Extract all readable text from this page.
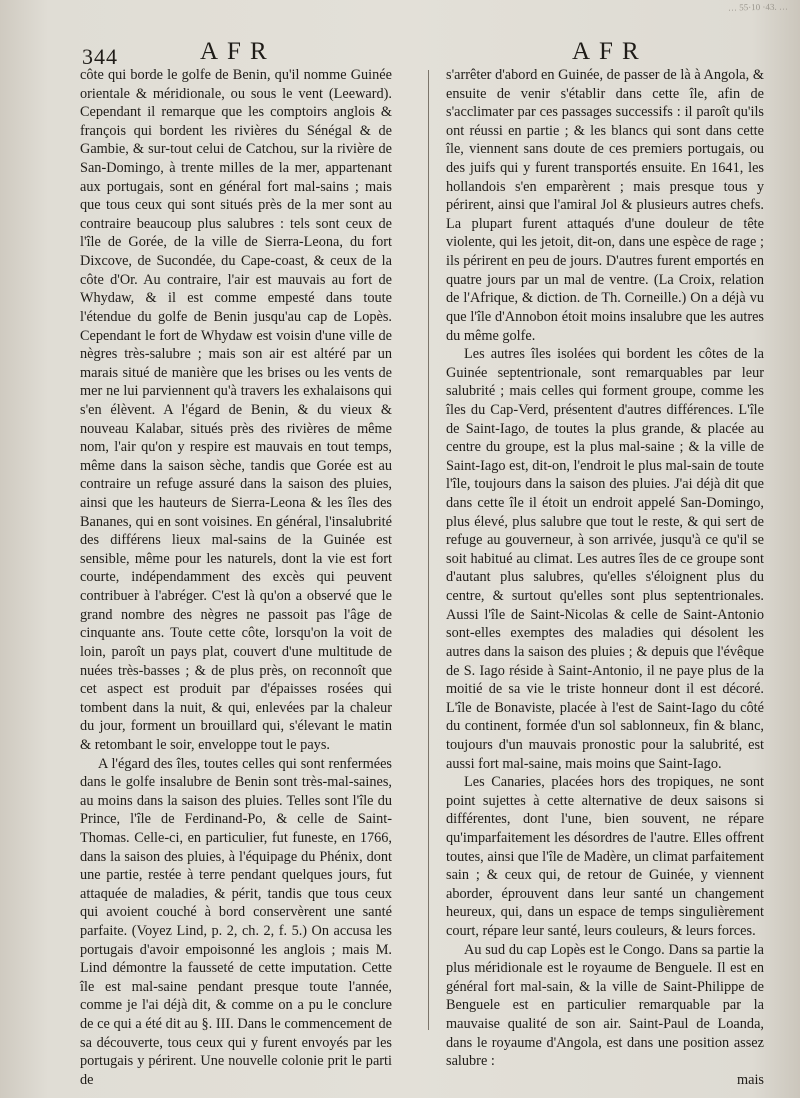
344	AFR	AFR
… 55·10 ·43. …

côte qui borde le golfe de Benin, qu'il nomme Guinée orientale & méridionale, ou sous le vent (Leeward). Cependant il remarque que les comptoirs anglois & françois qui bordent les rivières du Sénégal & de Gambie, & sur-tout celui de Catchou, sur la rivière de San-Domingo, à trente milles de la mer, appartenant aux portugais, sont en général fort mal-sains ; mais que tous ceux qui sont situés près de la mer sont au contraire beaucoup plus salubres : tels sont ceux de l'île de Gorée, de la ville de Sierra-Leona, du fort Dixcove, de Sucondée, du Cape-coast, & ceux de la côte d'Or. Au contraire, l'air est mauvais au fort de Whydaw, & il est comme empesté dans toute l'étendue du golfe de Benin jusqu'au cap de Lopès. Cependant le fort de Whydaw est voisin d'une ville de nègres très-salubre ; mais son air est altéré par un marais situé de manière que les brises ou les vents de mer ne lui parviennent qu'à travers les exhalaisons qui s'en élèvent. A l'égard de Benin, & du vieux & nouveau Kalabar, situés près des rivières de même nom, l'air qu'on y respire est mauvais en tout temps, même dans la saison sèche, tandis que Gorée est au contraire un refuge assuré dans la saison des pluies, ainsi que les hauteurs de Sierra-Leona & les îles des Bananes, qui en sont voisines. En général, l'insalubrité des différens lieux mal-sains de la Guinée est sensible, même pour les naturels, dont la vie est fort courte, indépendamment des excès qui peuvent contribuer à l'abréger. C'est là qu'on a observé que le grand nombre des nègres ne passoit pas l'âge de cinquante ans. Toute cette côte, lorsqu'on la voit de loin, paroît un pays plat, couvert d'une multitude de nuées très-basses ; & de plus près, on reconnoît que cet aspect est produit par d'épaisses rosées qui tombent dans la nuit, & qui, enlevées par la chaleur du jour, forment un brouillard qui, s'élevant le matin & retombant le soir, enveloppe tout le pays.

A l'égard des îles, toutes celles qui sont renfermées dans le golfe insalubre de Benin sont très-mal-saines, au moins dans la saison des pluies. Telles sont l'île du Prince, l'île de Ferdinand-Po, & celle de Saint-Thomas. Celle-ci, en particulier, fut funeste, en 1766, dans la saison des pluies, à l'équipage du Phénix, dont une partie, restée à terre pendant quelques jours, fut attaquée de maladies, & périt, tandis que tous ceux qui avoient couché à bord conservèrent une santé parfaite. (Voyez Lind, p. 2, ch. 2, f. 5.) On accusa les portugais d'avoir empoisonné les anglois ; mais M. Lind démontre la fausseté de cette imputation. Cette île est mal-saine pendant presque toute l'année, comme je l'ai déjà dit, & comme on a pu le conclure de ce qui a été dit au §. III. Dans le commencement de sa découverte, tous ceux qui y furent envoyés par les portugais y périrent. Une nouvelle colonie prit le parti de

s'arrêter d'abord en Guinée, de passer de là à Angola, & ensuite de venir s'établir dans cette île, afin de s'acclimater par ces passages successifs : il paroît qu'ils ont réussi en partie ; & les blancs qui sont dans cette île, viennent sans doute de ces premiers portugais, ou des juifs qui y furent transportés ensuite. En 1641, les hollandois s'en emparèrent ; mais presque tous y périrent, ainsi que l'amiral Jol & plusieurs autres chefs. La plupart furent attaqués d'une douleur de tête violente, qui les jetoit, dit-on, dans une espèce de rage ; ils périrent en peu de jours. D'autres furent emportés en quatre jours par un mal de ventre. (La Croix, relation de l'Afrique, & diction. de Th. Corneille.) On a déjà vu que l'île d'Annobon étoit moins insalubre que les autres du même golfe.

Les autres îles isolées qui bordent les côtes de la Guinée septentrionale, sont remarquables par leur salubrité ; mais celles qui forment groupe, comme les îles du Cap-Verd, présentent d'autres différences. L'île de Saint-Iago, de toutes la plus grande, & placée au centre du groupe, est la plus mal-saine ; & la ville de Saint-Iago est, dit-on, l'endroit le plus mal-sain de toute l'île, toujours dans la saison des pluies. J'ai déjà dit que dans cette île il étoit un endroit appelé San-Domingo, plus élevé, plus salubre que tout le reste, & qui sert de refuge au gouverneur, à son arrivée, jusqu'à ce qu'il se soit habitué au climat. Les autres îles de ce groupe sont d'autant plus salubres, qu'elles s'éloignent plus du centre, & surtout qu'elles sont plus septentrionales. Aussi l'île de Saint-Nicolas & celle de Saint-Antonio sont-elles exemptes des maladies qui désolent les autres dans la saison des pluies ; & depuis que l'évêque de S. Iago réside à Saint-Antonio, il ne paye plus de la moitié de sa vie le triste honneur dont il est décoré. L'île de Bonaviste, placée à l'est de Saint-Iago du côté du continent, formée d'un sol sablonneux, fin & blanc, toujours d'un mauvais pronostic pour la salubrité, est aussi fort mal-saine, mais moins que Saint-Iago.

Les Canaries, placées hors des tropiques, ne sont point sujettes à cette alternative de deux saisons si différentes, dont l'une, bien souvent, ne répare qu'imparfaitement les désordres de l'autre. Elles offrent toutes, ainsi que l'île de Madère, un climat parfaitement sain ; & ceux qui, de retour de Guinée, y viennent aborder, éprouvent dans leur santé un changement heureux, qui, dans un espace de temps singulièrement court, répare leur santé, leurs couleurs, & leurs forces.

Au sud du cap Lopès est le Congo. Dans sa partie la plus méridionale est le royaume de Benguele. Il est en général fort mal-sain, & la ville de Saint-Philippe de Benguele est en particulier remarquable par la mauvaise qualité de son air. Saint-Paul de Loanda, dans le royaume d'Angola, est dans une position assez salubre :

mais
